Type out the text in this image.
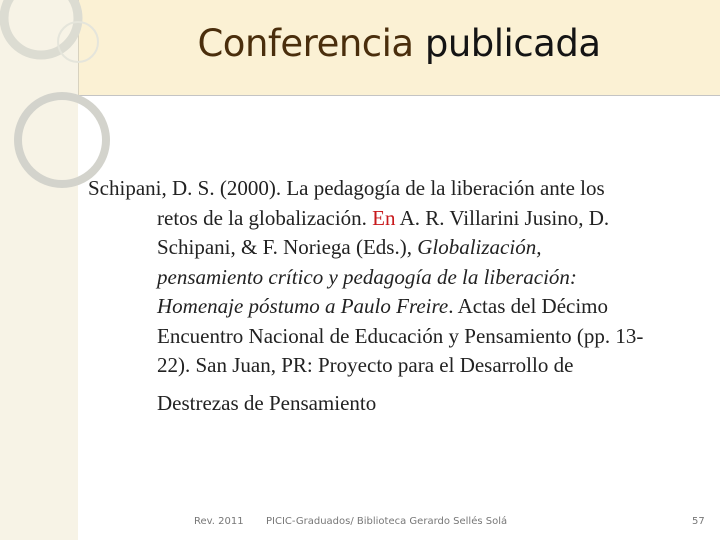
Conferencia publicada
Schipani, D. S. (2000). La pedagogía de la liberación ante los
retos de la globalización. En A. R. Villarini Jusino, D.
Schipani, & F. Noriega (Eds.), Globalización,
pensamiento crítico y pedagogía de la liberación:
Homenaje póstumo a Paulo Freire. Actas del Décimo
Encuentro Nacional de Educación y Pensamiento (pp. 13-
22). San Juan, PR: Proyecto para el Desarrollo de
Destrezas de Pensamiento
Rev. 2011 PICIC-Graduados/ Biblioteca Gerardo Sellés Solá	57
